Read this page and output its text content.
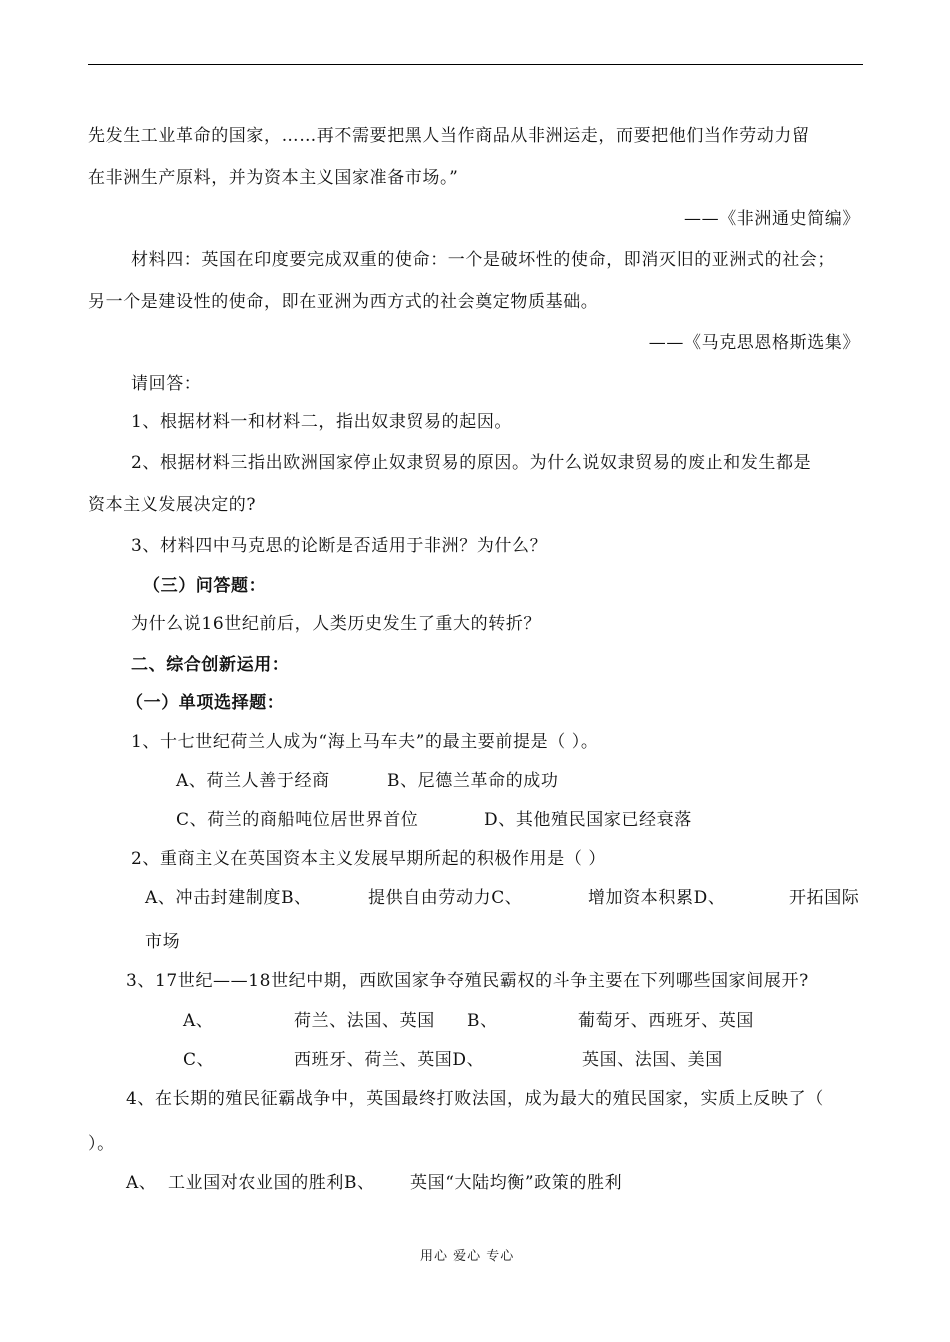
先发生工业革命的国家，……再不需要把黑人当作商品从非洲运走，而要把他们当作劳动力留
在非洲生产原料，并为资本主义国家准备市场。”
——《非洲通史简编》
材料四：英国在印度要完成双重的使命：一个是破坏性的使命，即消灭旧的亚洲式的社会；
另一个是建设性的使命，即在亚洲为西方式的社会奠定物质基础。
——《马克思恩格斯选集》
请回答：
1、根据材料一和材料二，指出奴隶贸易的起因。
2、根据材料三指出欧洲国家停止奴隶贸易的原因。为什么说奴隶贸易的废止和发生都是
资本主义发展决定的?
3、材料四中马克思的论断是否适用于非洲？为什么？
（三）问答题：
为什么说16世纪前后，人类历史发生了重大的转折？
二、综合创新运用：
（一）单项选择题：
1、十七世纪荷兰人成为“海上马车夫”的最主要前提是（ ）。
A、荷兰人善于经商	B、尼德兰革命的成功
C、荷兰的商船吨位居世界首位	D、其他殖民国家已经衰落
2、重商主义在英国资本主义发展早期所起的积极作用是（ ）
A、冲击封建制度B、	提供自由劳动力C、	增加资本积累D、	开拓国际
市场
3、17世纪——18世纪中期，西欧国家争夺殖民霸权的斗争主要在下列哪些国家间展开?
A、	荷兰、法国、英国 B、	葡萄牙、西班牙、英国
C、	西班牙、荷兰、英国D、	英国、法国、美国
4、在长期的殖民征霸战争中，英国最终打败法国，成为最大的殖民国家，实质上反映了（
）。
A、 工业国对农业国的胜利B、 英国“大陆均衡”政策的胜利
用心 爱心 专心
